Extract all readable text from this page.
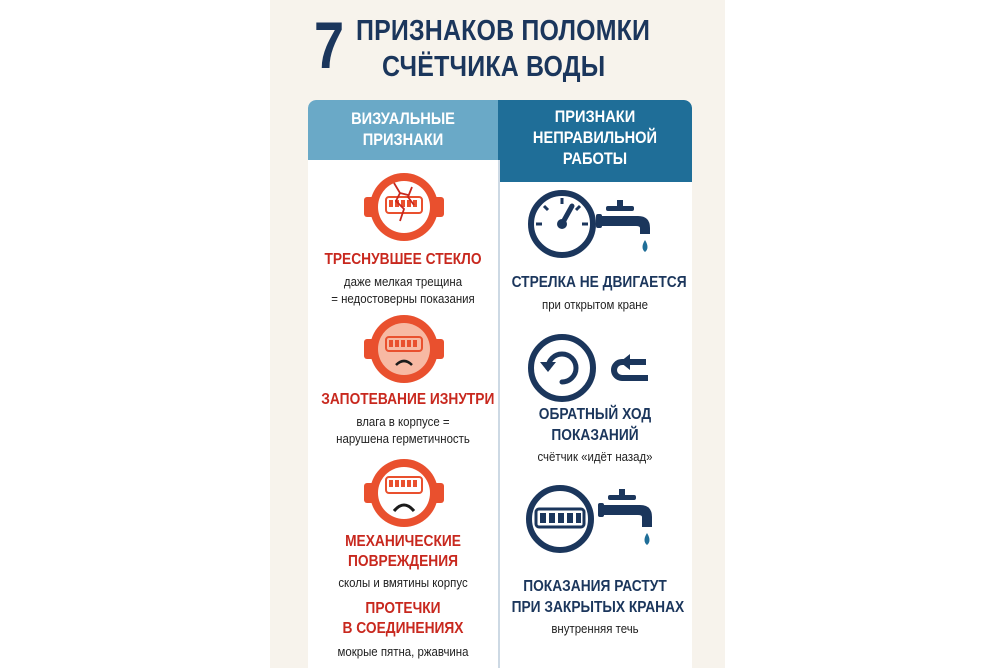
7 ПРИЗНАКОВ ПОЛОМКИ
СЧЁТЧИКА ВОДЫ
ВИЗУАЛЬНЫЕ
ПРИЗНАКИ
ПРИЗНАКИ
НЕПРАВИЛЬНОЙ
РАБОТЫ
ТРЕСНУВШЕЕ СТЕКЛО
даже мелкая трещина
= недостоверны показания
ЗАПОТЕВАНИЕ ИЗНУТРИ
влага в корпусе =
нарушена герметичность
МЕХАНИЧЕСКИЕ
ПОВРЕЖДЕНИЯ
сколы и вмятины корпус
ПРОТЕЧКИ
В СОЕДИНЕНИЯХ
мокрые пятна, ржавчина
СТРЕЛКА НЕ ДВИГАЕТСЯ
при открытом кране
ОБРАТНЫЙ ХОД
ПОКАЗАНИЙ
счётчик «идёт назад»
ПОКАЗАНИЯ РАСТУТ
ПРИ ЗАКРЫТЫХ КРАНАХ
внутренняя течь
